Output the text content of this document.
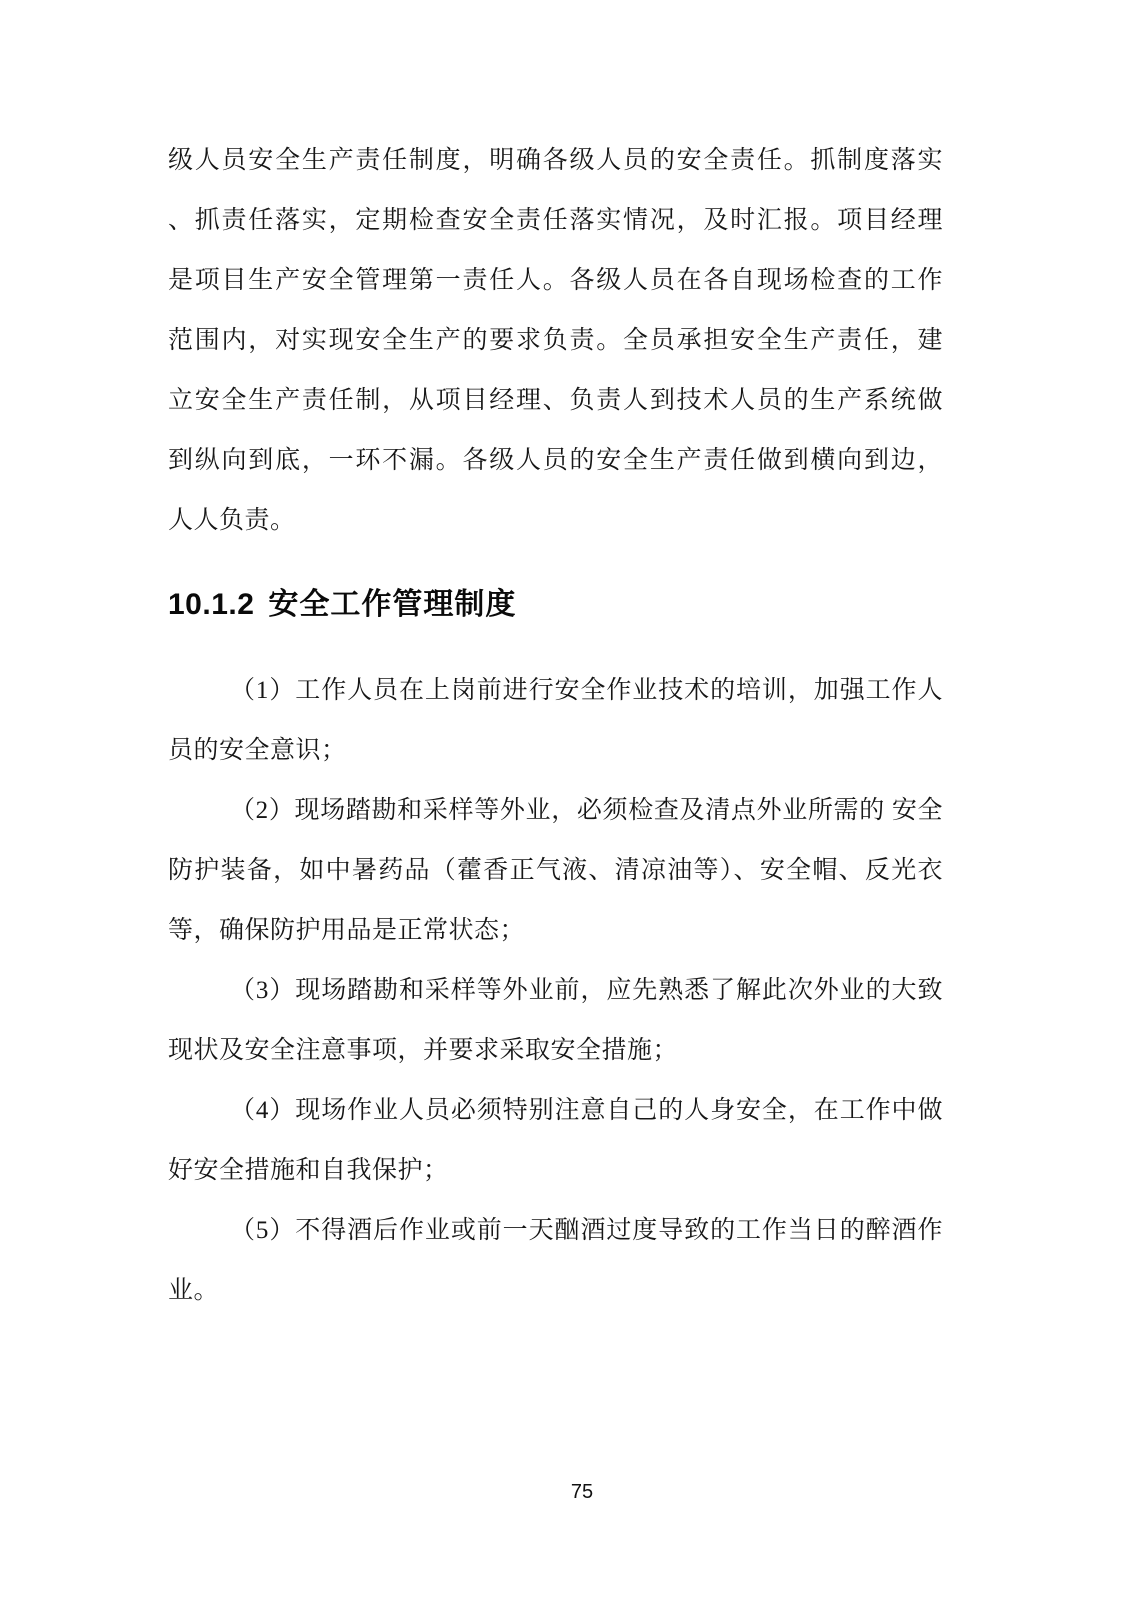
级人员安全生产责任制度，明确各级人员的安全责任。抓制度落实
、抓责任落实，定期检查安全责任落实情况，及时汇报。项目经理
是项目生产安全管理第一责任人。各级人员在各自现场检查的工作
范围内，对实现安全生产的要求负责。全员承担安全生产责任，建
立安全生产责任制，从项目经理、负责人到技术人员的生产系统做
到纵向到底，一环不漏。各级人员的安全生产责任做到横向到边，
人人负责。
10.1.2 安全工作管理制度
（1）工作人员在上岗前进行安全作业技术的培训，加强工作人
员的安全意识；
（2）现场踏勘和采样等外业，必须检查及清点外业所需的 安全
防护装备，如中暑药品（藿香正气液、清凉油等）、安全帽、反光衣
等，确保防护用品是正常状态；
（3）现场踏勘和采样等外业前，应先熟悉了解此次外业的大致
现状及安全注意事项，并要求采取安全措施；
（4）现场作业人员必须特别注意自己的人身安全，在工作中做
好安全措施和自我保护；
（5）不得酒后作业或前一天酗酒过度导致的工作当日的醉酒作
业。
75
